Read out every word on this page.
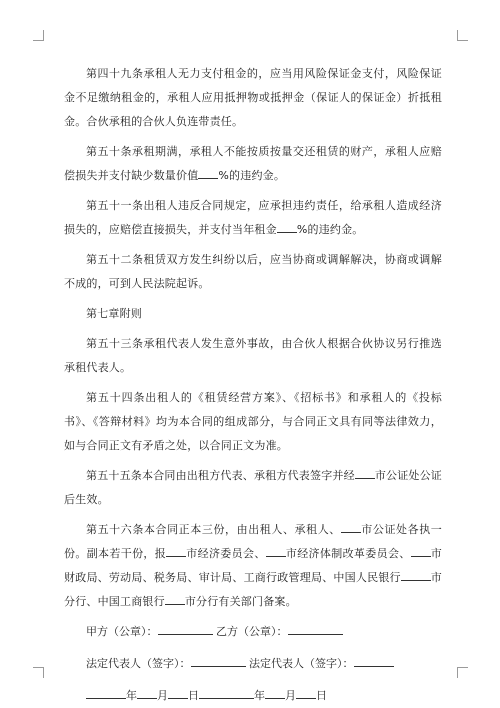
第四十九条承租人无力支付租金的，应当用风险保证金支付，风险保证金不足缴纳租金的，承租人应用抵押物或抵押金（保证人的保证金）折抵租金。合伙承租的合伙人负连带责任。

第五十条承租期满，承租人不能按质按量交还租赁的财产，承租人应赔偿损失并支付缺少数量价值 %的违约金。

第五十一条出租人违反合同规定，应承担违约责任，给承租人造成经济损失的，应赔偿直接损失，并支付当年租金 %的违约金。

第五十二条租赁双方发生纠纷以后，应当协商或调解解决，协商或调解不成的，可到人民法院起诉。

第七章附则

第五十三条承租代表人发生意外事故，由合伙人根据合伙协议另行推选承租代表人。

第五十四条出租人的《租赁经营方案》、《招标书》和承租人的《投标书》、《答辩材料》均为本合同的组成部分，与合同正文具有同等法律效力，如与合同正文有矛盾之处，以合同正文为准。

第五十五条本合同由出租方代表、承租方代表签字并经 市公证处公证后生效。

第五十六条本合同正本三份，由出租人、承租人、 市公证处各执一份。副本若干份，报 市经济委员会、 市经济体制改革委员会、 市财政局、劳动局、税务局、审计局、工商行政管理局、中国人民银行	市分行、中国工商银行 市分行有关部门备案。

甲方（公章）：	乙方（公章）：
法定代表人（签字）：	法定代表人（签字）：
年 月 日	年 月 日
